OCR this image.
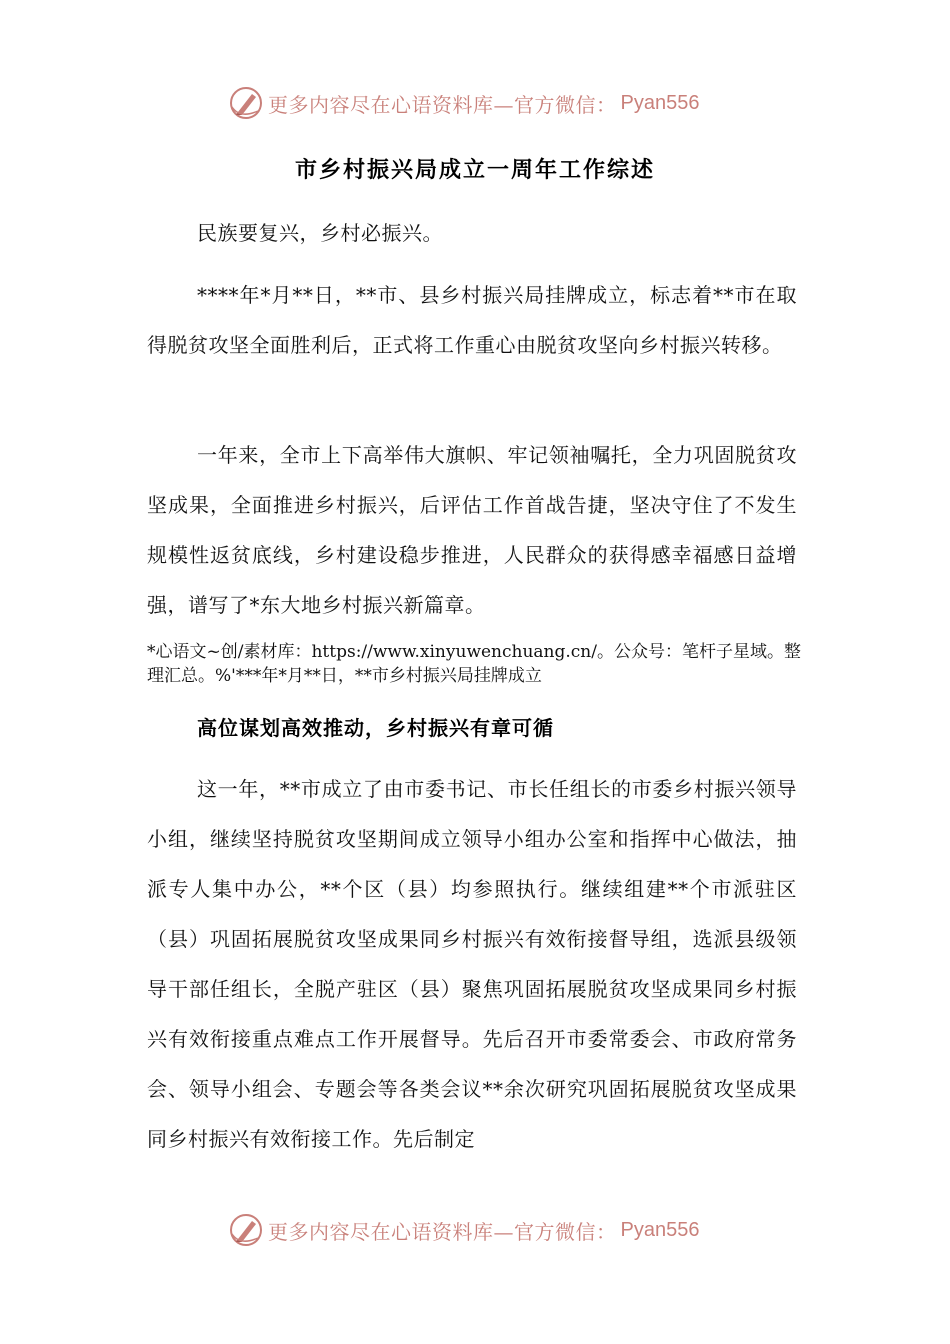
更多内容尽在心语资料库—官方微信： Pyan556
市乡村振兴局成立一周年工作综述

民族要复兴，乡村必振兴。

****年*月**日，**市、县乡村振兴局挂牌成立，标志着**市在取得脱贫攻坚全面胜利后，正式将工作重心由脱贫攻坚向乡村振兴转移。

一年来，全市上下高举伟大旗帜、牢记领袖嘱托，全力巩固脱贫攻坚成果，全面推进乡村振兴，后评估工作首战告捷，坚决守住了不发生规模性返贫底线，乡村建设稳步推进，人民群众的获得感幸福感日益增强，谱写了*东大地乡村振兴新篇章。

*心语文~创/素材库：https://www.xinyuwenchuang.cn/。公众号：笔杆子星域。整理汇总。%'***年*月**日，**市乡村振兴局挂牌成立

高位谋划高效推动，乡村振兴有章可循

这一年，**市成立了由市委书记、市长任组长的市委乡村振兴领导小组，继续坚持脱贫攻坚期间成立领导小组办公室和指挥中心做法，抽派专人集中办公，**个区（县）均参照执行。继续组建**个市派驻区（县）巩固拓展脱贫攻坚成果同乡村振兴有效衔接督导组，选派县级领导干部任组长，全脱产驻区（县）聚焦巩固拓展脱贫攻坚成果同乡村振兴有效衔接重点难点工作开展督导。先后召开市委常委会、市政府常务会、领导小组会、专题会等各类会议**余次研究巩固拓展脱贫攻坚成果同乡村振兴有效衔接工作。先后制定

更多内容尽在心语资料库—官方微信： Pyan556
